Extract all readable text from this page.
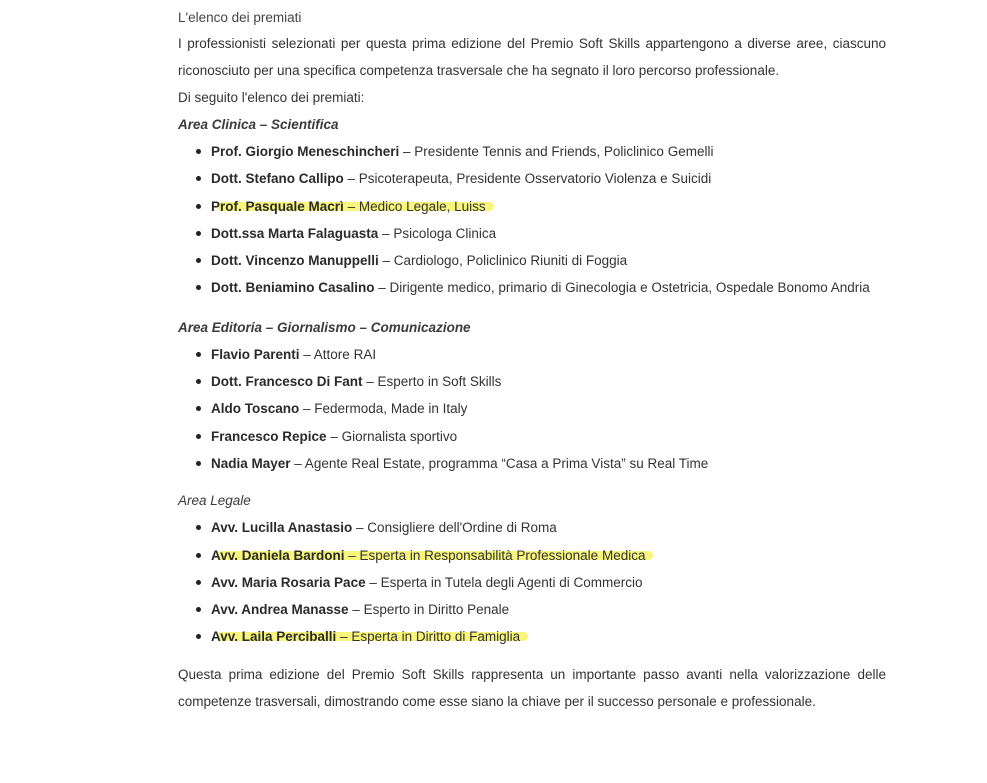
L'elenco dei premiati

I professionisti selezionati per questa prima edizione del Premio Soft Skills appartengono a diverse aree, ciascuno riconosciuto per una specifica competenza trasversale che ha segnato il loro percorso professionale.

Di seguito l'elenco dei premiati:

Area Clinica – Scientifica
Prof. Giorgio Meneschincheri – Presidente Tennis and Friends, Policlinico Gemelli
Dott. Stefano Callipo – Psicoterapeuta, Presidente Osservatorio Violenza e Suicidi
Prof. Pasquale Macrì – Medico Legale, Luiss
Dott.ssa Marta Falaguasta – Psicologa Clinica
Dott. Vincenzo Manuppelli – Cardiologo, Policlinico Riuniti di Foggia
Dott. Beniamino Casalino – Dirigente medico, primario di Ginecologia e Ostetricia, Ospedale Bonomo Andria
Area Editoria – Giornalismo – Comunicazione
Flavio Parenti – Attore RAI
Dott. Francesco Di Fant – Esperto in Soft Skills
Aldo Toscano – Federmoda, Made in Italy
Francesco Repice – Giornalista sportivo
Nadia Mayer – Agente Real Estate, programma “Casa a Prima Vista” su Real Time
Area Legale
Avv. Lucilla Anastasio – Consigliere dell'Ordine di Roma
Avv. Daniela Bardoni – Esperta in Responsabilità Professionale Medica
Avv. Maria Rosaria Pace – Esperta in Tutela degli Agenti di Commercio
Avv. Andrea Manasse – Esperto in Diritto Penale
Avv. Laila Perciballi – Esperta in Diritto di Famiglia

Questa prima edizione del Premio Soft Skills rappresenta un importante passo avanti nella valorizzazione delle competenze trasversali, dimostrando come esse siano la chiave per il successo personale e professionale.
